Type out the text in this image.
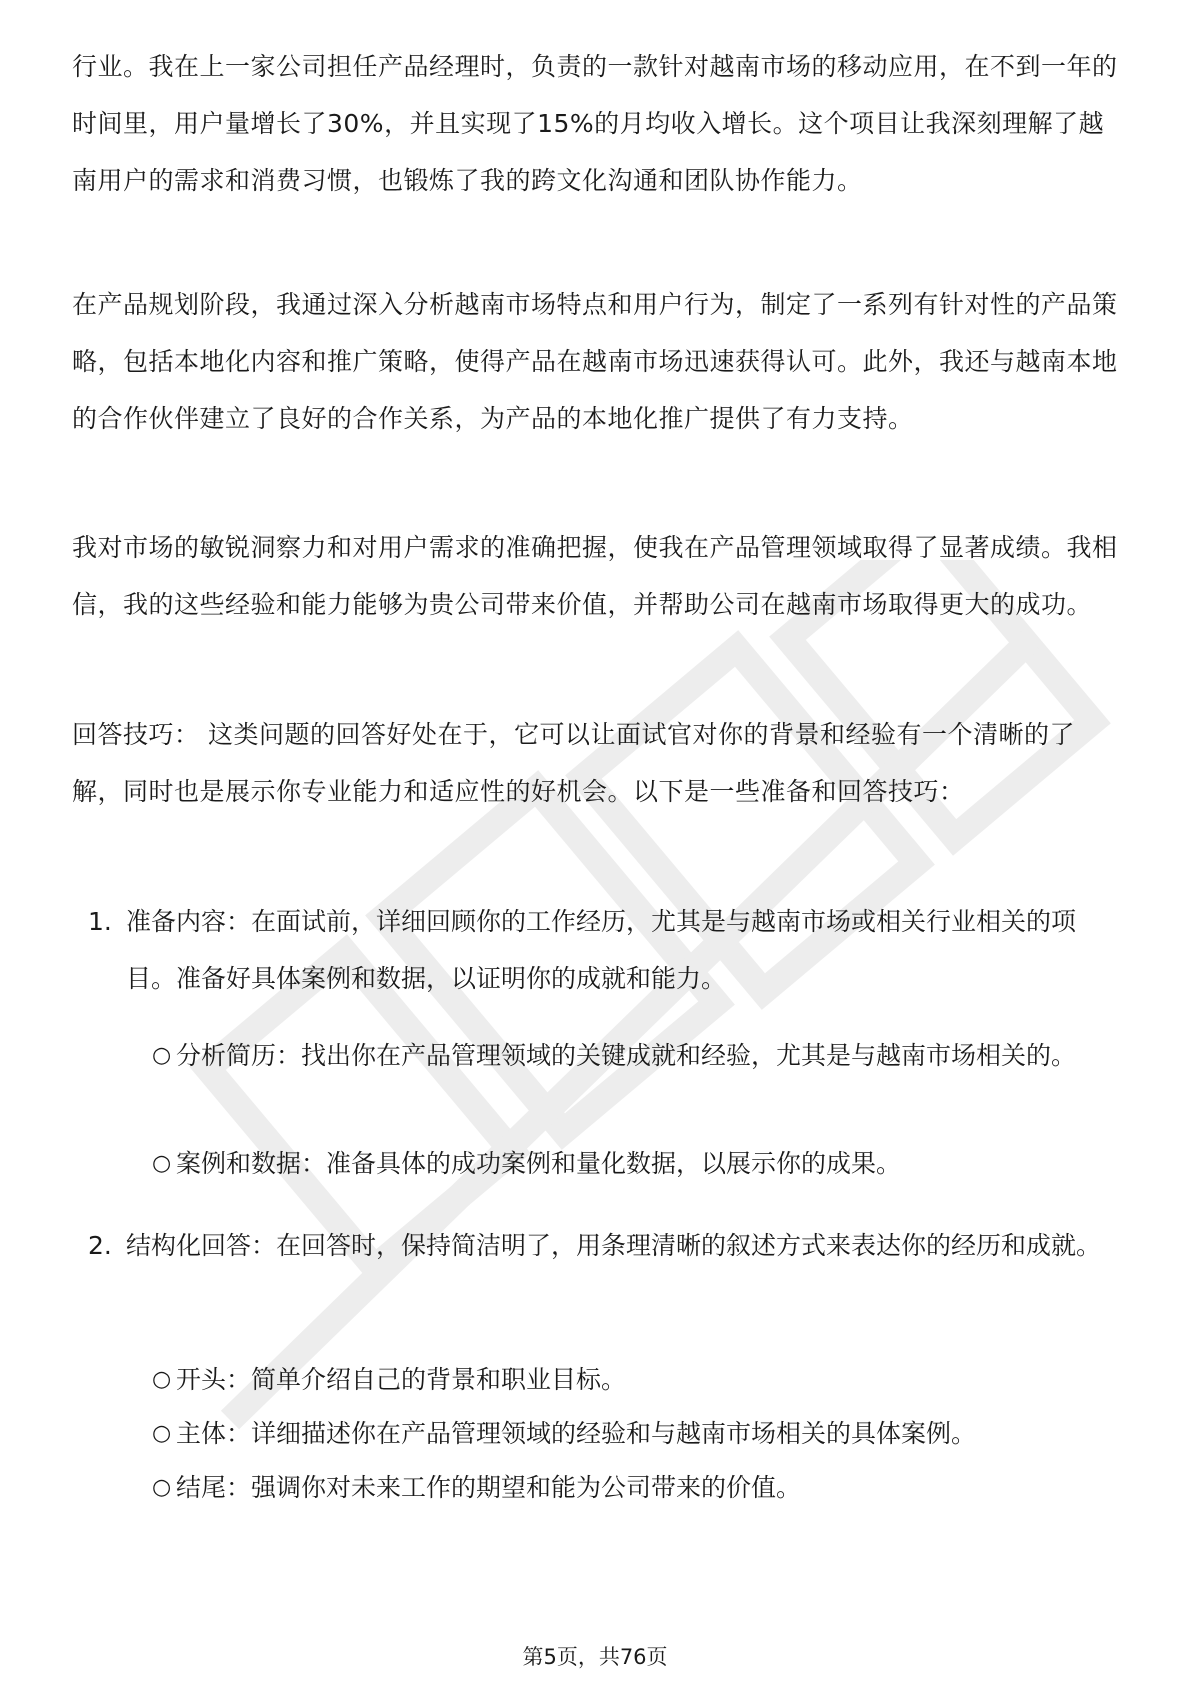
行业。我在上一家公司担任产品经理时，负责的一款针对越南市场的移动应用，在不到一年的时间里，用户量增长了30%，并且实现了15%的月均收入增长。这个项目让我深刻理解了越南用户的需求和消费习惯，也锻炼了我的跨文化沟通和团队协作能力。

在产品规划阶段，我通过深入分析越南市场特点和用户行为，制定了一系列有针对性的产品策略，包括本地化内容和推广策略，使得产品在越南市场迅速获得认可。此外，我还与越南本地的合作伙伴建立了良好的合作关系，为产品的本地化推广提供了有力支持。

我对市场的敏锐洞察力和对用户需求的准确把握，使我在产品管理领域取得了显著成绩。我相信，我的这些经验和能力能够为贵公司带来价值，并帮助公司在越南市场取得更大的成功。

回答技巧： 这类问题的回答好处在于，它可以让面试官对你的背景和经验有一个清晰的了解，同时也是展示你专业能力和适应性的好机会。以下是一些准备和回答技巧：

1. 准备内容：在面试前，详细回顾你的工作经历，尤其是与越南市场或相关行业相关的项目。准备好具体案例和数据，以证明你的成就和能力。
○ 分析简历：找出你在产品管理领域的关键成就和经验，尤其是与越南市场相关的。
○ 案例和数据：准备具体的成功案例和量化数据，以展示你的成果。
2. 结构化回答：在回答时，保持简洁明了，用条理清晰的叙述方式来表达你的经历和成就。
○ 开头：简单介绍自己的背景和职业目标。
○ 主体：详细描述你在产品管理领域的经验和与越南市场相关的具体案例。
○ 结尾：强调你对未来工作的期望和能为公司带来的价值。
第5页，共76页
